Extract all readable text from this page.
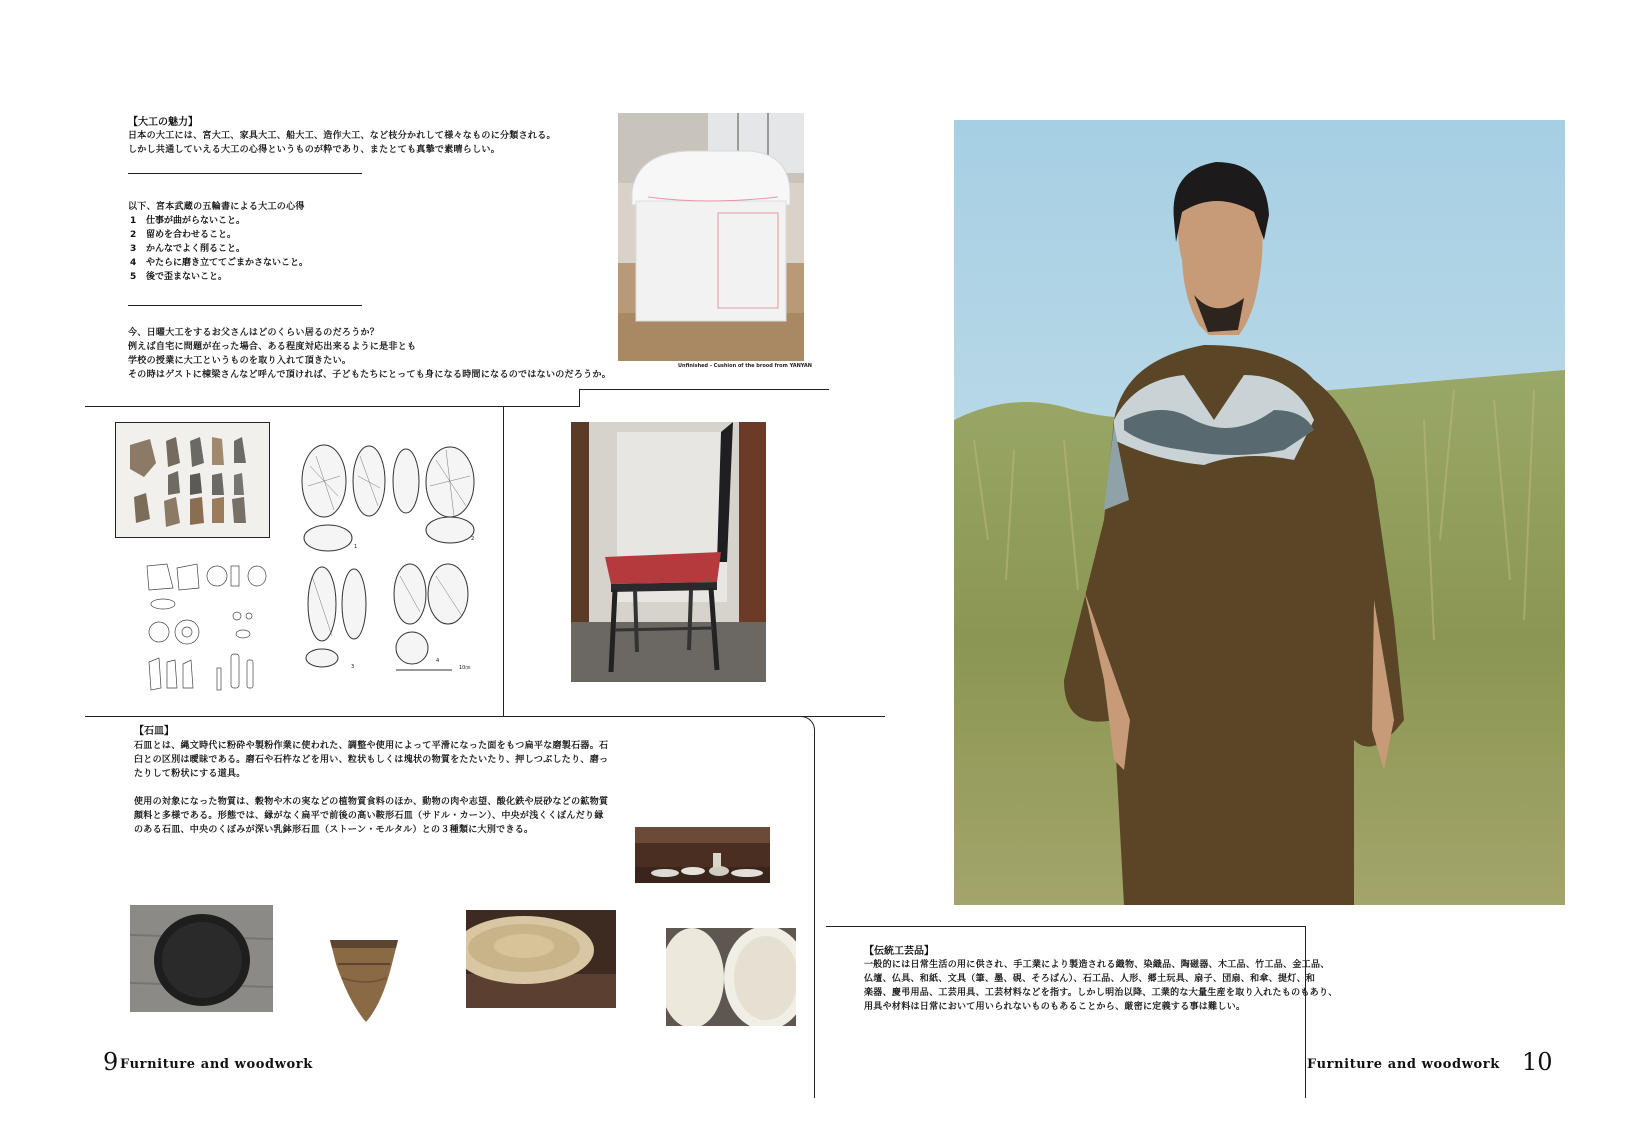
【大工の魅力】
日本の大工には、宮大工、家具大工、船大工、造作大工、など枝分かれして様々なものに分類される。
しかし共通していえる大工の心得というものが粋であり、またとても真摯で素晴らしい。
以下、宮本武蔵の五輪書による大工の心得
1 仕事が曲がらないこと。
2 留めを合わせること。
3 かんなでよく削ること。
4 やたらに磨き立ててごまかさないこと。
5 後で歪まないこと。
今、日曜大工をするお父さんはどのくらい居るのだろうか？
例えば自宅に問題が在った場合、ある程度対応出来るように是非とも
学校の授業に大工というものを取り入れて頂きたい。
その時はゲストに棟梁さんなど呼んで頂ければ、子どもたちにとっても身になる時間になるのではないのだろうか。
Unfinished - Cushion of the brood from YANYAN
1
2
3
4
10㎝
【石皿】
石皿とは、縄文時代に粉砕や製粉作業に使われた、調整や使用によって平滑になった面をもつ扁平な磨製石器。石
臼との区別は曖昧である。磨石や石杵などを用い、粒状もしくは塊状の物質をたたいたり、押しつぶしたり、磨っ
たりして粉状にする道具。
使用の対象になった物質は、穀物や木の実などの植物質食料のほか、動物の肉や志望、酸化鉄や辰砂などの鉱物質
顔料と多様である。形態では、縁がなく扁平で前後の高い鞍形石皿（サドル・カーン）、中央が浅くくぼんだり縁
のある石皿、中央のくぼみが深い乳鉢形石皿（ストーン・モルタル）との３種類に大別できる。
9 Furniture and woodwork
【伝統工芸品】
一般的には日常生活の用に供され、手工業により製造される織物、染織品、陶磁器、木工品、竹工品、金工品、
仏壇、仏具、和紙、文具（筆、墨、硯、そろばん）、石工品、人形、郷土玩具、扇子、団扇、和傘、提灯、和
楽器、慶弔用品、工芸用具、工芸材料などを指す。しかし明治以降、工業的な大量生産を取り入れたものもあり、
用具や材料は日常において用いられないものもあることから、厳密に定義する事は難しい。
Furniture and woodwork 10
